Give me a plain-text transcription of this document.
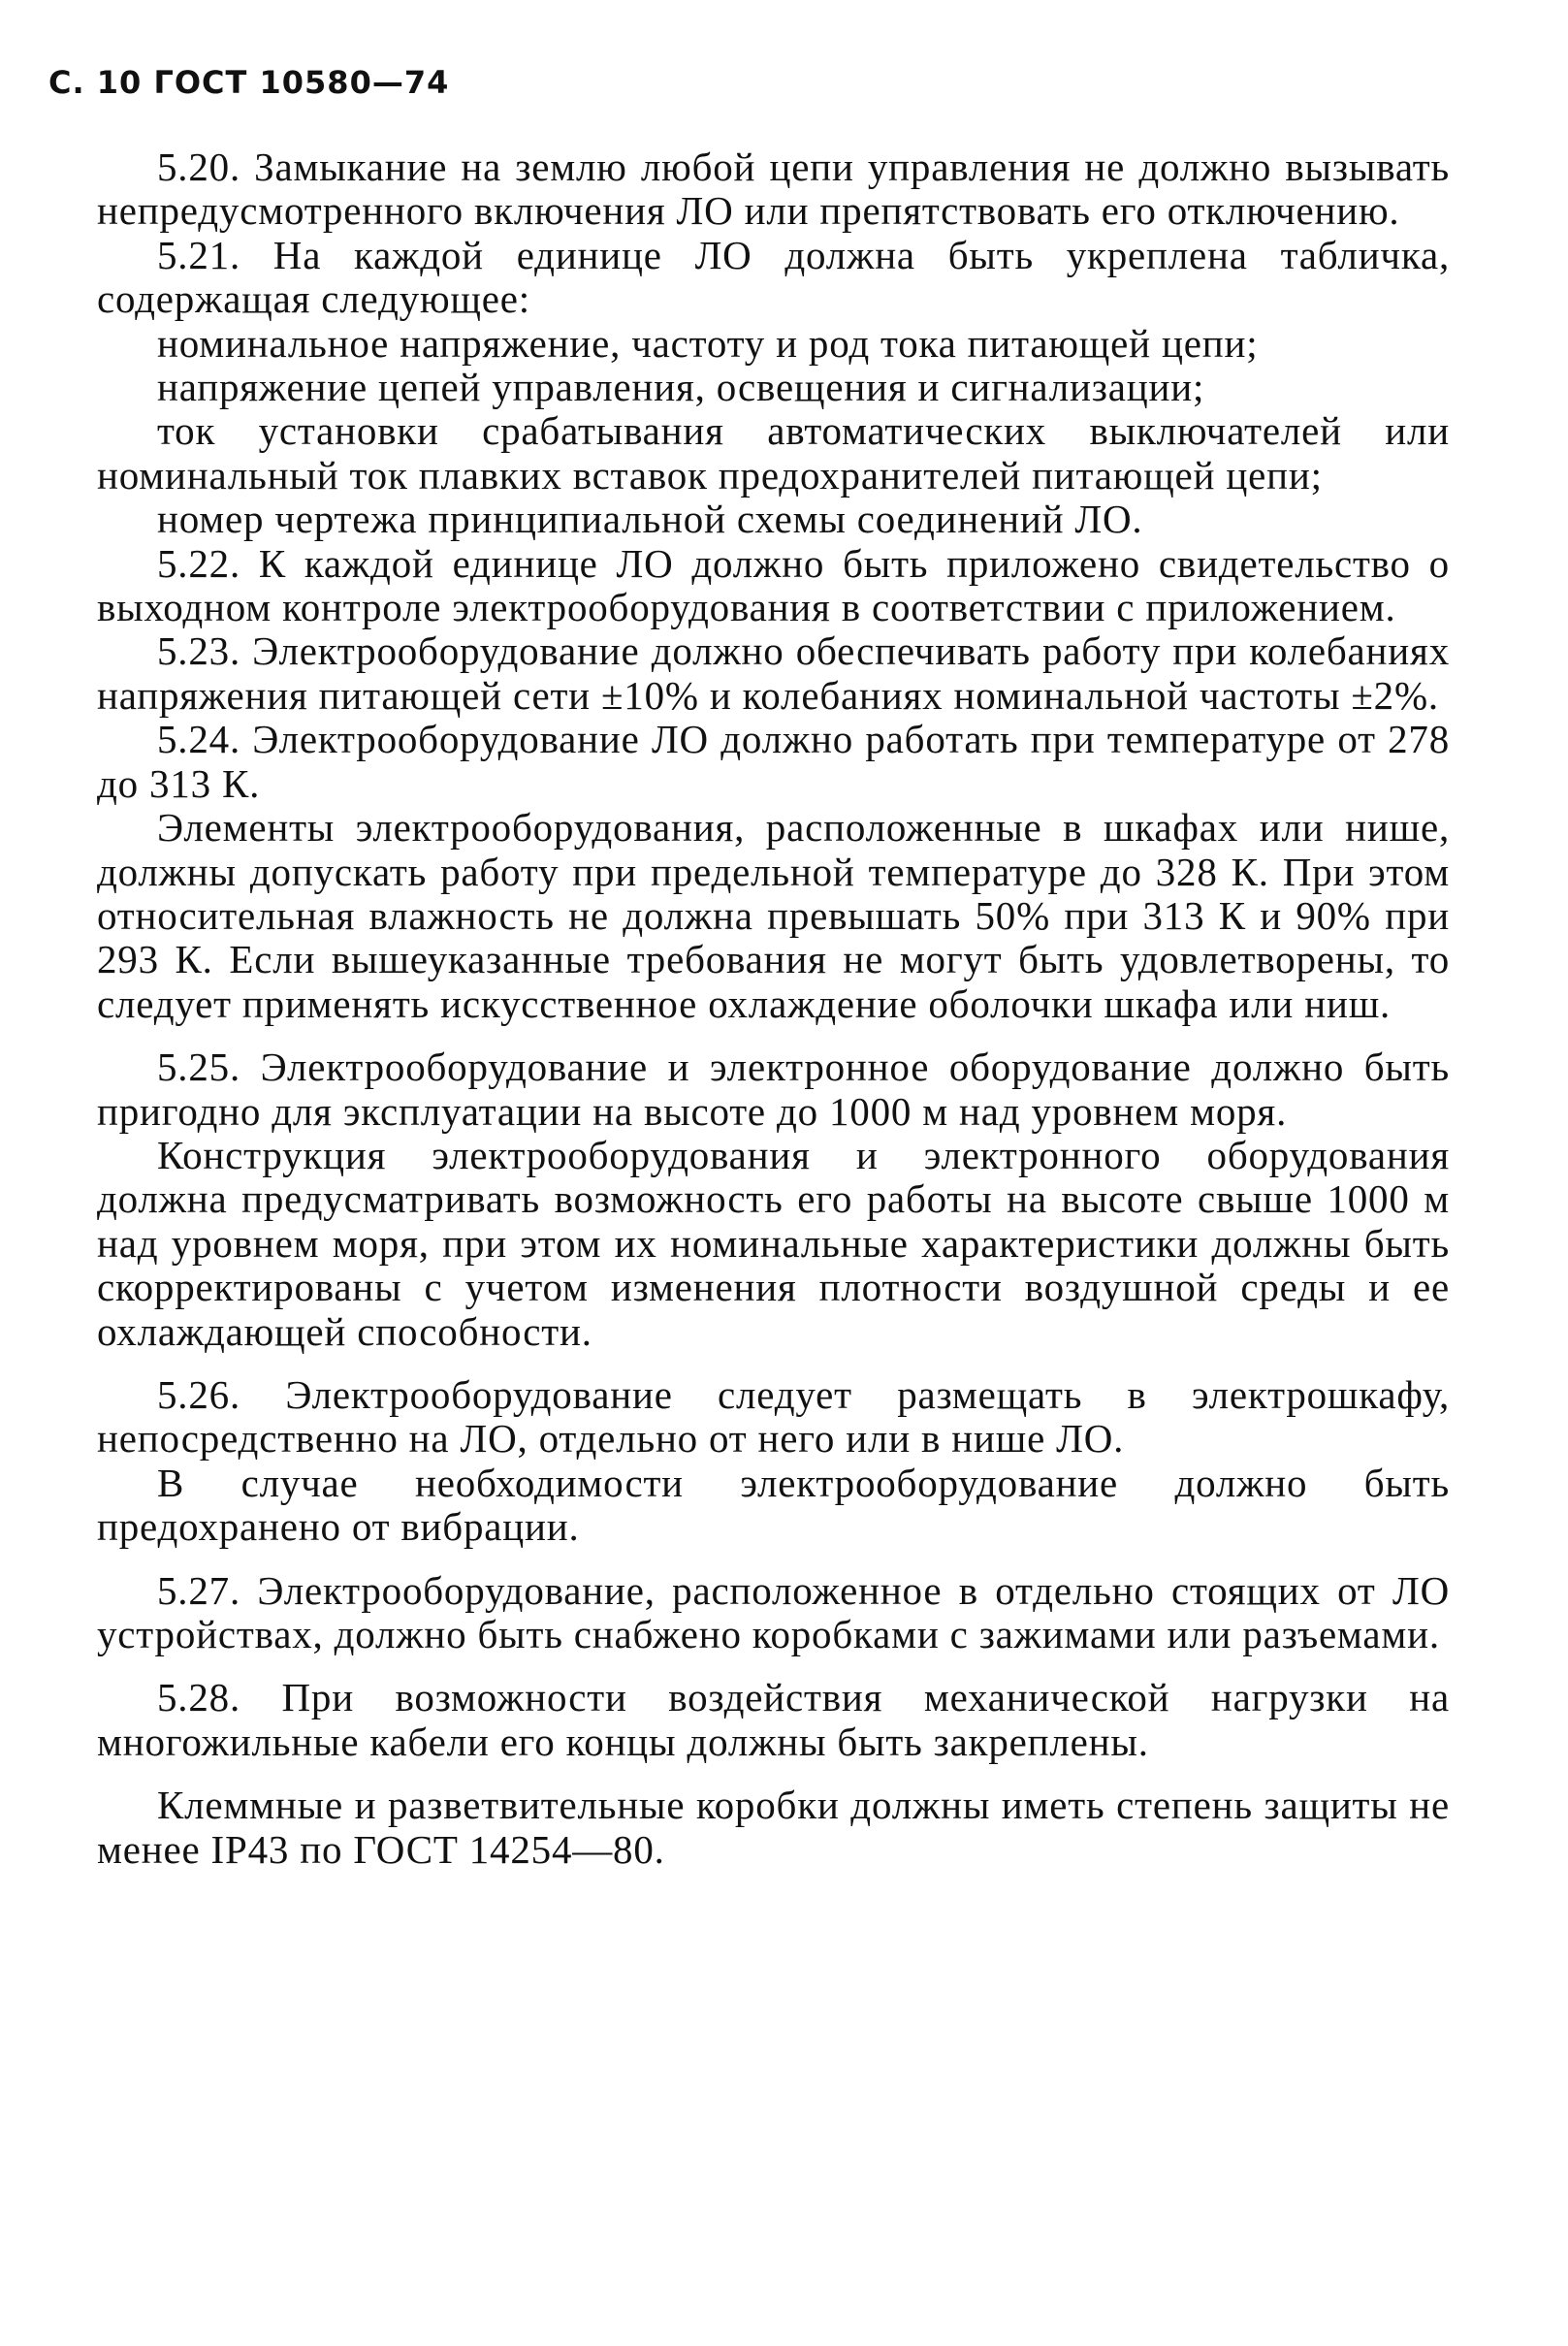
С. 10 ГОСТ 10580—74

5.20. Замыкание на землю любой цепи управления не должно вызывать непредусмотренного включения ЛО или препятствовать его отключению.

5.21. На каждой единице ЛО должна быть укреплена табличка, содержащая следующее:

номинальное напряжение, частоту и род тока питающей цепи;

напряжение цепей управления, освещения и сигнализации;

ток установки срабатывания автоматических выключателей или номинальный ток плавких вставок предохранителей питающей цепи;

номер чертежа принципиальной схемы соединений ЛО.

5.22. К каждой единице ЛО должно быть приложено свидетельство о выходном контроле электрооборудования в соответствии с приложением.

5.23. Электрооборудование должно обеспечивать работу при колебаниях напряжения питающей сети ±10% и колебаниях номинальной частоты ±2%.

5.24. Электрооборудование ЛО должно работать при температуре от 278 до 313 К.

Элементы электрооборудования, расположенные в шкафах или нише, должны допускать работу при предельной температуре до 328 К. При этом относительная влажность не должна превышать 50% при 313 К и 90% при 293 К. Если вышеуказанные требования не могут быть удовлетворены, то следует применять искусственное охлаждение оболочки шкафа или ниш.

5.25. Электрооборудование и электронное оборудование должно быть пригодно для эксплуатации на высоте до 1000 м над уровнем моря.

Конструкция электрооборудования и электронного оборудования должна предусматривать возможность его работы на высоте свыше 1000 м над уровнем моря, при этом их номинальные характеристики должны быть скорректированы с учетом изменения плотности воздушной среды и ее охлаждающей способности.

5.26. Электрооборудование следует размещать в электрошкафу, непосредственно на ЛО, отдельно от него или в нише ЛО.

В случае необходимости электрооборудование должно быть предохранено от вибрации.

5.27. Электрооборудование, расположенное в отдельно стоящих от ЛО устройствах, должно быть снабжено коробками с зажимами или разъемами.

5.28. При возможности воздействия механической нагрузки на многожильные кабели его концы должны быть закреплены.

Клеммные и разветвительные коробки должны иметь степень защиты не менее IP43 по ГОСТ 14254—80.
